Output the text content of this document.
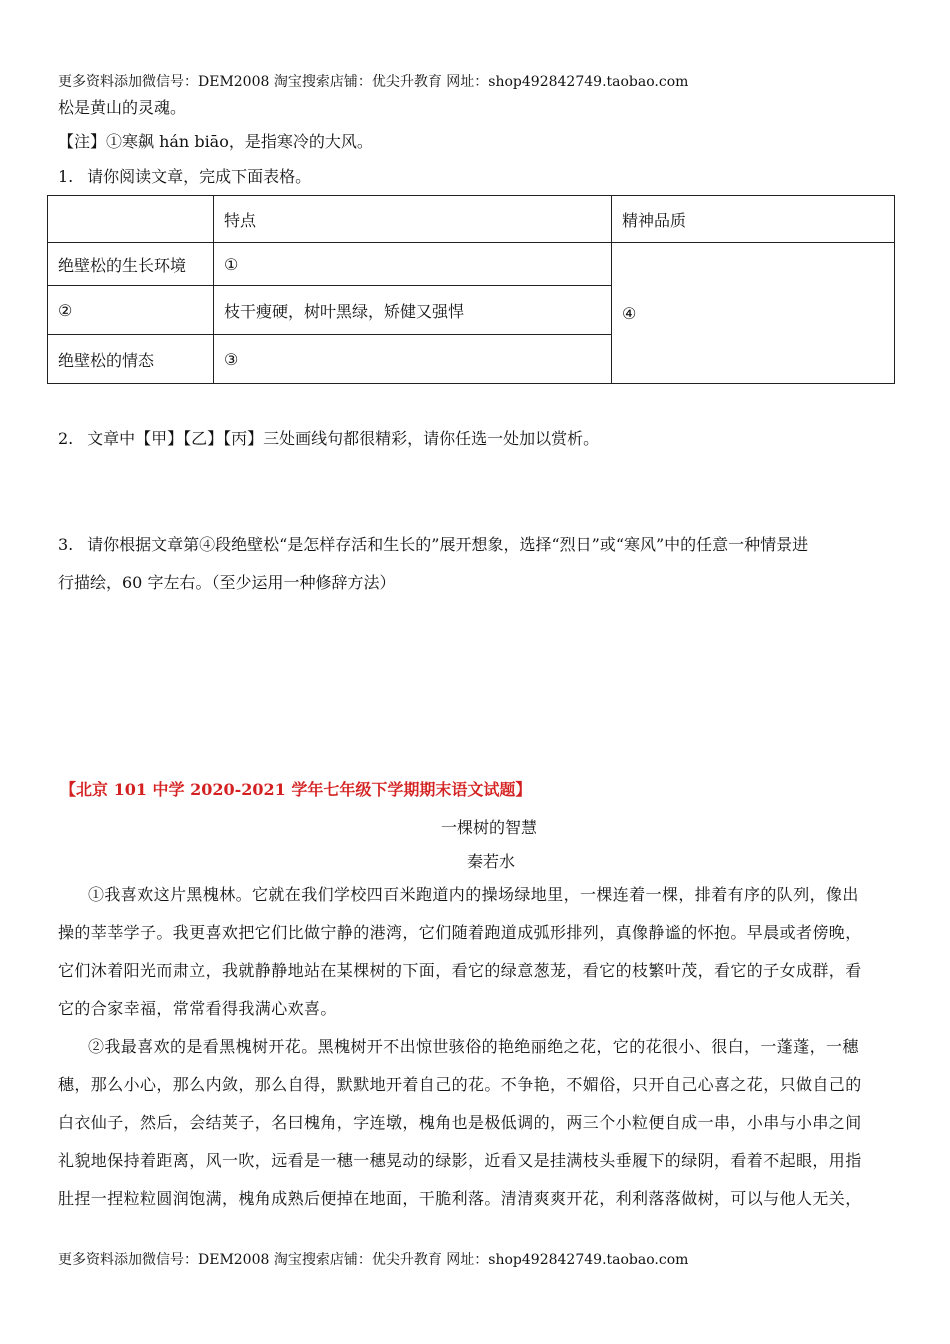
更多资料添加微信号：DEM2008 淘宝搜索店铺：优尖升教育 网址：shop492842749.taobao.com
松是黄山的灵魂。
【注】①寒飙 hán biāo，是指寒冷的大风。
1. 请你阅读文章，完成下面表格。
	特点	精神品质
绝壁松的生长环境	①	④
②	枝干瘦硬，树叶黑绿，矫健又强悍	
绝壁松的情态	③	
2. 文章中【甲】【乙】【丙】三处画线句都很精彩，请你任选一处加以赏析。
3. 请你根据文章第④段绝壁松“是怎样存活和生长的”展开想象，选择“烈日”或“寒风”中的任意一种情景进
行描绘，60 字左右。（至少运用一种修辞方法）
【北京 101 中学 2020-2021 学年七年级下学期期末语文试题】
一棵树的智慧
秦若水
①我喜欢这片黑槐林。它就在我们学校四百米跑道内的操场绿地里，一棵连着一棵，排着有序的队列，像出
操的莘莘学子。我更喜欢把它们比做宁静的港湾，它们随着跑道成弧形排列，真像静谧的怀抱。早晨或者傍晚，
它们沐着阳光而肃立，我就静静地站在某棵树的下面，看它的绿意葱茏，看它的枝繁叶茂，看它的子女成群，看
它的合家幸福，常常看得我满心欢喜。
②我最喜欢的是看黑槐树开花。黑槐树开不出惊世骇俗的艳绝丽绝之花，它的花很小、很白，一蓬蓬，一穗
穗，那么小心，那么内敛，那么自得，默默地开着自己的花。不争艳，不媚俗，只开自己心喜之花，只做自己的
白衣仙子，然后，会结荚子，名曰槐角，字连墩，槐角也是极低调的，两三个小粒便自成一串，小串与小串之间
礼貌地保持着距离，风一吹，远看是一穗一穗晃动的绿影，近看又是挂满枝头垂履下的绿阴，看着不起眼，用指
肚捏一捏粒粒圆润饱满，槐角成熟后便掉在地面，干脆利落。清清爽爽开花，利利落落做树，可以与他人无关，
更多资料添加微信号：DEM2008 淘宝搜索店铺：优尖升教育 网址：shop492842749.taobao.com
